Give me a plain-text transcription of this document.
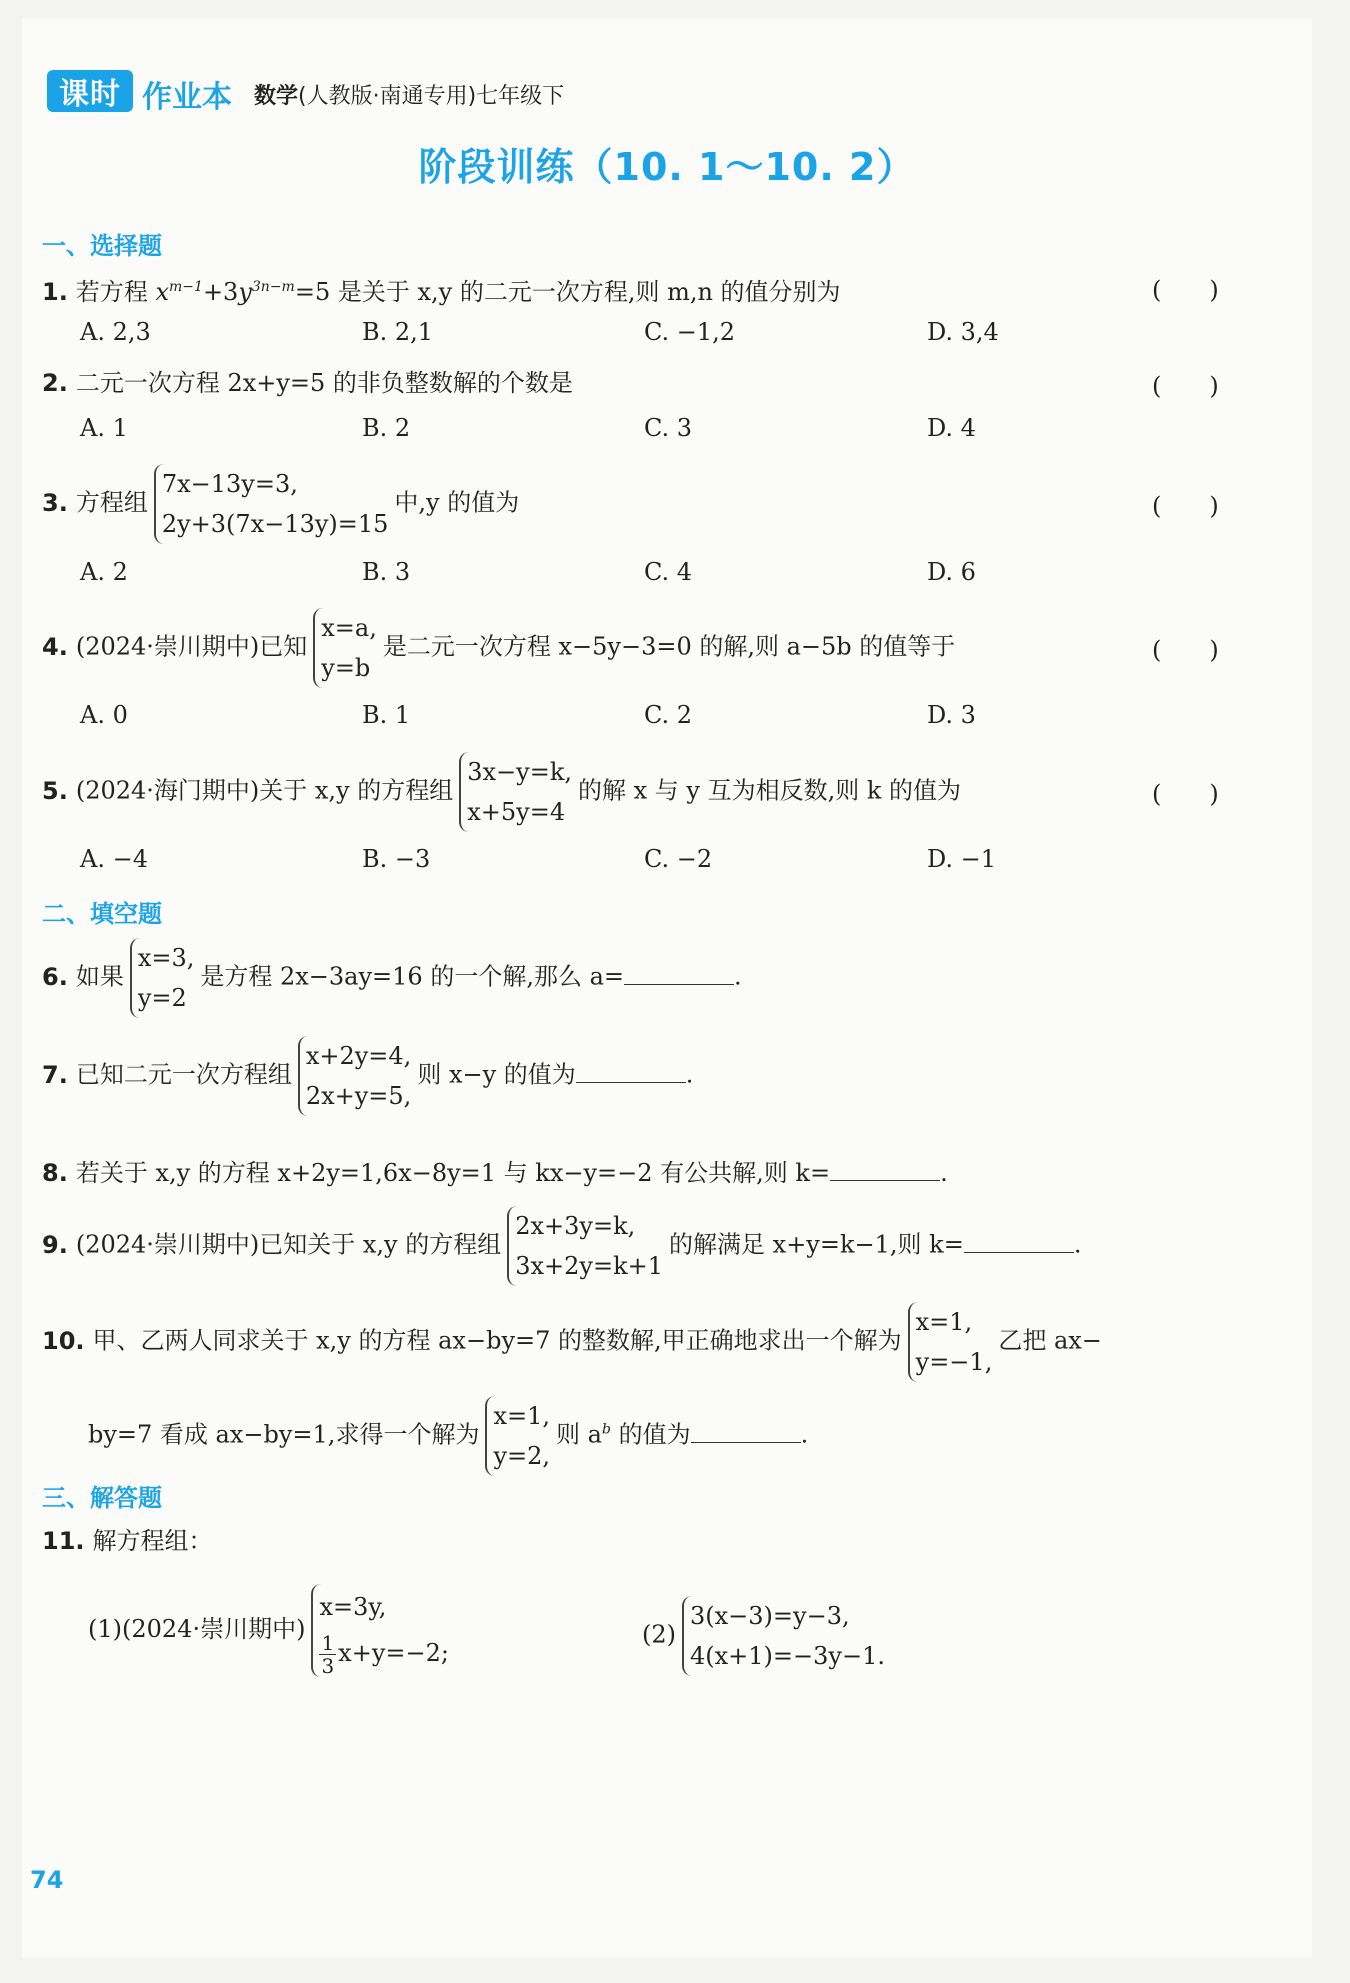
课时 作业本 数学(人教版·南通专用)七年级下
阶段训练（10. 1～10. 2）
一、选择题
1. 若方程 $x^{m-1}+3y^{3n-m}=5$ 是关于 x,y 的二元一次方程,则 m,n 的值分别为	(　　)
A. 2,3	B. 2,1	C. −1,2	D. 3,4
2. 二元一次方程 2x+y=5 的非负整数解的个数是	(　　)
A. 1	B. 2	C. 3	D. 4
3. 方程组
7x−13y=3,
2y+3(7x−13y)=15
中,y 的值为	(　　)
A. 2	B. 3	C. 4	D. 6
4. (2024·崇川期中)已知
x=a,
y=b
是二元一次方程 x−5y−3=0 的解,则 a−5b 的值等于	(　　)
A. 0	B. 1	C. 2	D. 3
5. (2024·海门期中)关于 x,y 的方程组
3x−y=k,
x+5y=4
的解 x 与 y 互为相反数,则 k 的值为	(　　)
A. −4	B. −3	C. −2	D. −1
二、填空题
6. 如果
x=3,
y=2
是方程 2x−3ay=16 的一个解,那么 a=	.
7. 已知二元一次方程组
x+2y=4,
2x+y=5,
则 x−y 的值为	.
8. 若关于 x,y 的方程 x+2y=1,6x−8y=1 与 kx−y=−2 有公共解,则 k=	.
9. (2024·崇川期中)已知关于 x,y 的方程组
2x+3y=k,
3x+2y=k+1
的解满足 x+y=k−1,则 k=	.
10. 甲、乙两人同求关于 x,y 的方程 ax−by=7 的整数解,甲正确地求出一个解为
x=1,
y=−1,
乙把 ax−
by=7 看成 ax−by=1,求得一个解为
x=1,
y=2,
则 $a^b$ 的值为	.
三、解答题
11. 解方程组：
(1)(2024·崇川期中)
x=3y,
$\frac{1}{3} x+y=-2$;
(2)
3(x−3)=y−3,
4(x+1)=−3y−1.
74
